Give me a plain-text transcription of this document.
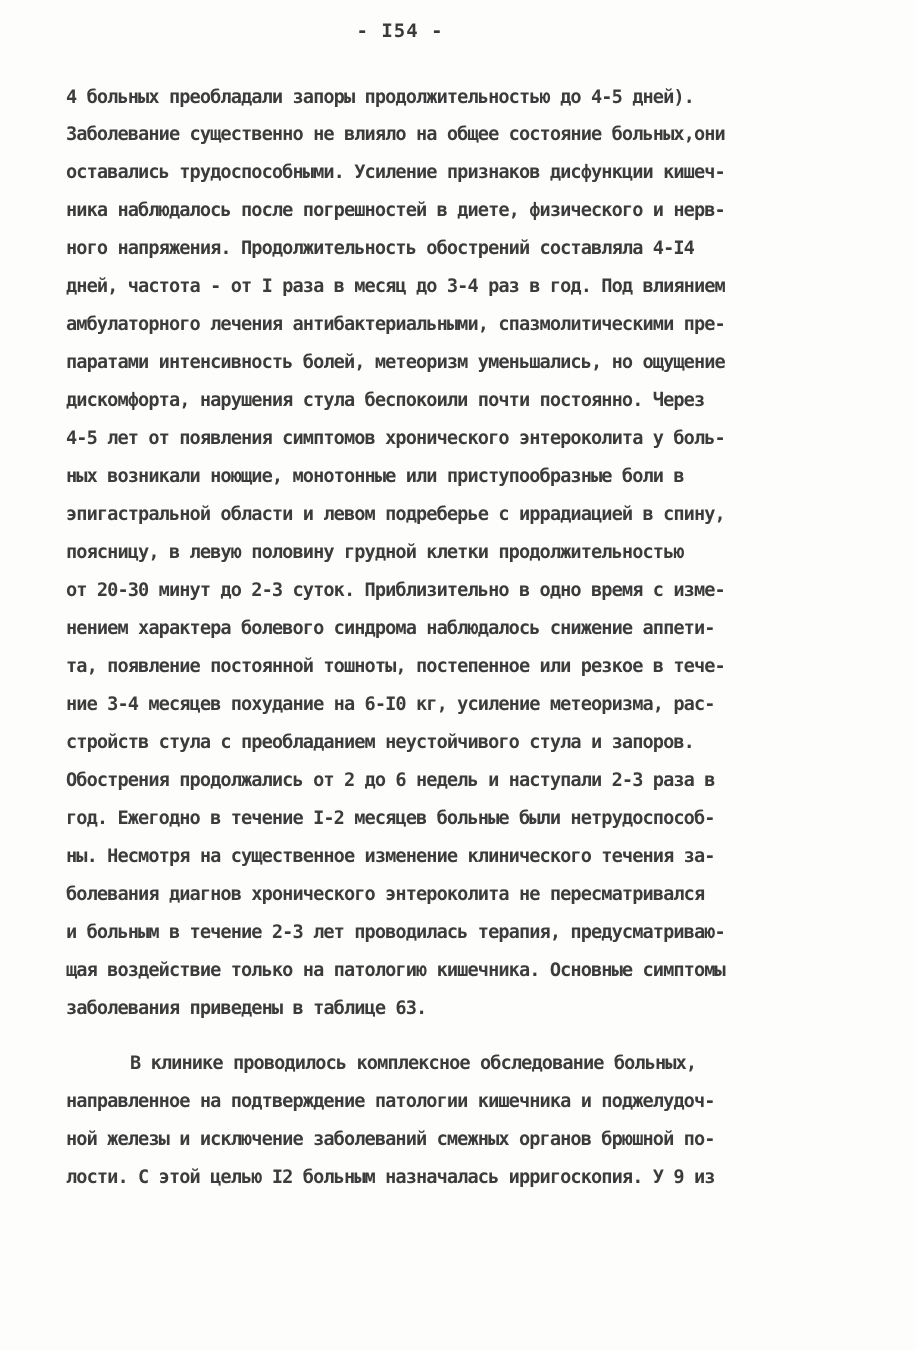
- I54 -
4 больных преобладали запоры продолжительностью до 4-5 дней).
Заболевание существенно не влияло на общее состояние больных,они
оставались трудоспособными. Усиление признаков дисфункции кишеч-
ника наблюдалось после погрешностей в диете, физического и нерв-
ного напряжения. Продолжительность обострений составляла 4-I4
дней, частота - от I раза в месяц до 3-4 раз в год. Под влиянием
амбулаторного лечения антибактериальными, спазмолитическими пре-
паратами интенсивность болей, метеоризм уменьшались, но ощущение
дискомфорта, нарушения стула беспокоили почти постоянно. Через
4-5 лет от появления симптомов хронического энтероколита у боль-
ных возникали ноющие, монотонные или приступообразные боли в
эпигастральной области и левом подреберье с иррадиацией в спину,
поясницу, в левую половину грудной клетки продолжительностью
от 20-30 минут до 2-3 суток. Приблизительно в одно время с изме-
нением характера болевого синдрома наблюдалось снижение аппети-
та, появление постоянной тошноты, постепенное или резкое в тече-
ние 3-4 месяцев похудание на 6-I0 кг, усиление метеоризма, рас-
стройств стула с преобладанием неустойчивого стула и запоров.
Обострения продолжались от 2 до 6 недель и наступали 2-3 раза в
год. Ежегодно в течение I-2 месяцев больные были нетрудоспособ-
ны. Несмотря на существенное изменение клинического течения за-
болевания диагнов хронического энтероколита не пересматривался
и больным в течение 2-3 лет проводилась терапия, предусматриваю-
щая воздействие только на патологию кишечника. Основные симптомы
заболевания приведены в таблице 63.
В клинике проводилось комплексное обследование больных,
направленное на подтверждение патологии кишечника и поджелудоч-
ной железы и исключение заболеваний смежных органов брюшной по-
лости. С этой целью I2 больным назначалась ирригоскопия. У 9 из
